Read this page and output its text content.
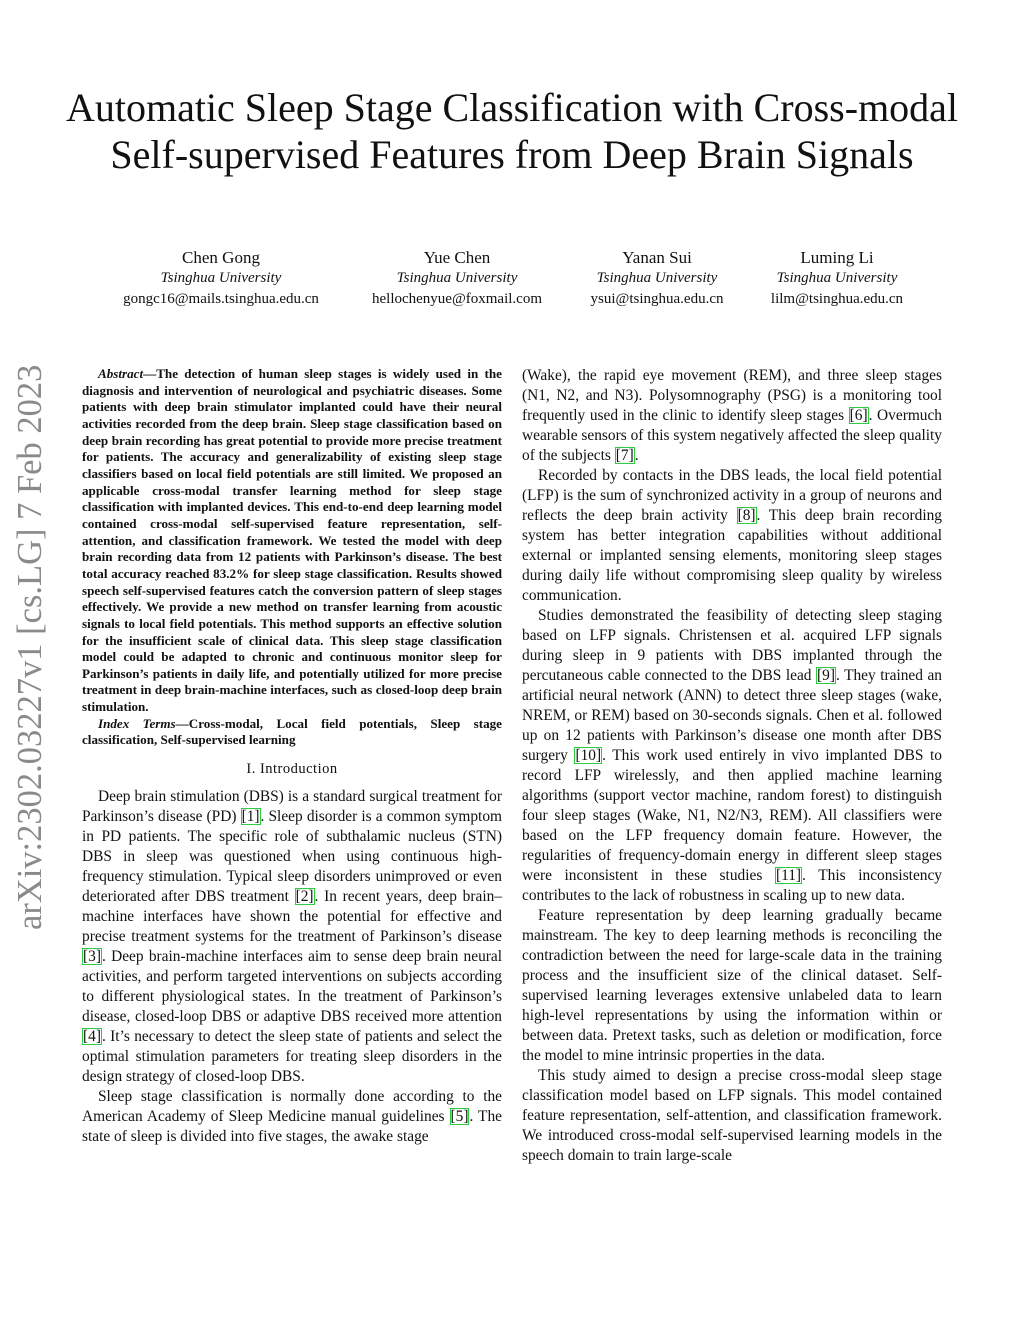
arXiv:2302.03227v1 [cs.LG] 7 Feb 2023
Automatic Sleep Stage Classification with Cross-modal Self-supervised Features from Deep Brain Signals
Chen Gong
Tsinghua University
gongc16@mails.tsinghua.edu.cn
Yue Chen
Tsinghua University
hellochenyue@foxmail.com
Yanan Sui
Tsinghua University
ysui@tsinghua.edu.cn
Luming Li
Tsinghua University
lilm@tsinghua.edu.cn

Abstract—The detection of human sleep stages is widely used in the diagnosis and intervention of neurological and psychiatric diseases. Some patients with deep brain stimulator implanted could have their neural activities recorded from the deep brain. Sleep stage classification based on deep brain recording has great potential to provide more precise treatment for patients. The accuracy and generalizability of existing sleep stage classifiers based on local field potentials are still limited. We proposed an applicable cross-modal transfer learning method for sleep stage classification with implanted devices. This end-to-end deep learning model contained cross-modal self-supervised feature representation, self-attention, and classification framework. We tested the model with deep brain recording data from 12 patients with Parkinson’s disease. The best total accuracy reached 83.2% for sleep stage classification. Results showed speech self-supervised features catch the conversion pattern of sleep stages effectively. We provide a new method on transfer learning from acoustic signals to local field potentials. This method supports an effective solution for the insufficient scale of clinical data. This sleep stage classification model could be adapted to chronic and continuous monitor sleep for Parkinson’s patients in daily life, and potentially utilized for more precise treatment in deep brain-machine interfaces, such as closed-loop deep brain stimulation.

Index Terms—Cross-modal, Local field potentials, Sleep stage classification, Self-supervised learning

I. Introduction

Deep brain stimulation (DBS) is a standard surgical treatment for Parkinson’s disease (PD) [1]. Sleep disorder is a common symptom in PD patients. The specific role of subthalamic nucleus (STN) DBS in sleep was questioned when using continuous high-frequency stimulation. Typical sleep disorders unimproved or even deteriorated after DBS treatment [2]. In recent years, deep brain–machine interfaces have shown the potential for effective and precise treatment systems for the treatment of Parkinson’s disease [3]. Deep brain-machine interfaces aim to sense deep brain neural activities, and perform targeted interventions on subjects according to different physiological states. In the treatment of Parkinson’s disease, closed-loop DBS or adaptive DBS received more attention [4]. It’s necessary to detect the sleep state of patients and select the optimal stimulation parameters for treating sleep disorders in the design strategy of closed-loop DBS.

Sleep stage classification is normally done according to the American Academy of Sleep Medicine manual guidelines [5]. The state of sleep is divided into five stages, the awake stage

(Wake), the rapid eye movement (REM), and three sleep stages (N1, N2, and N3). Polysomnography (PSG) is a monitoring tool frequently used in the clinic to identify sleep stages [6]. Overmuch wearable sensors of this system negatively affected the sleep quality of the subjects [7].

Recorded by contacts in the DBS leads, the local field potential (LFP) is the sum of synchronized activity in a group of neurons and reflects the deep brain activity [8]. This deep brain recording system has better integration capabilities without additional external or implanted sensing elements, monitoring sleep stages during daily life without compromising sleep quality by wireless communication.

Studies demonstrated the feasibility of detecting sleep staging based on LFP signals. Christensen et al. acquired LFP signals during sleep in 9 patients with DBS implanted through the percutaneous cable connected to the DBS lead [9]. They trained an artificial neural network (ANN) to detect three sleep stages (wake, NREM, or REM) based on 30-seconds signals. Chen et al. followed up on 12 patients with Parkinson’s disease one month after DBS surgery [10]. This work used entirely in vivo implanted DBS to record LFP wirelessly, and then applied machine learning algorithms (support vector machine, random forest) to distinguish four sleep stages (Wake, N1, N2/N3, REM). All classifiers were based on the LFP frequency domain feature. However, the regularities of frequency-domain energy in different sleep stages were inconsistent in these studies [11]. This inconsistency contributes to the lack of robustness in scaling up to new data.

Feature representation by deep learning gradually became mainstream. The key to deep learning methods is reconciling the contradiction between the need for large-scale data in the training process and the insufficient size of the clinical dataset. Self-supervised learning leverages extensive unlabeled data to learn high-level representations by using the information within or between data. Pretext tasks, such as deletion or modification, force the model to mine intrinsic properties in the data.

This study aimed to design a precise cross-modal sleep stage classification model based on LFP signals. This model contained feature representation, self-attention, and classification framework. We introduced cross-modal self-supervised learning models in the speech domain to train large-scale
